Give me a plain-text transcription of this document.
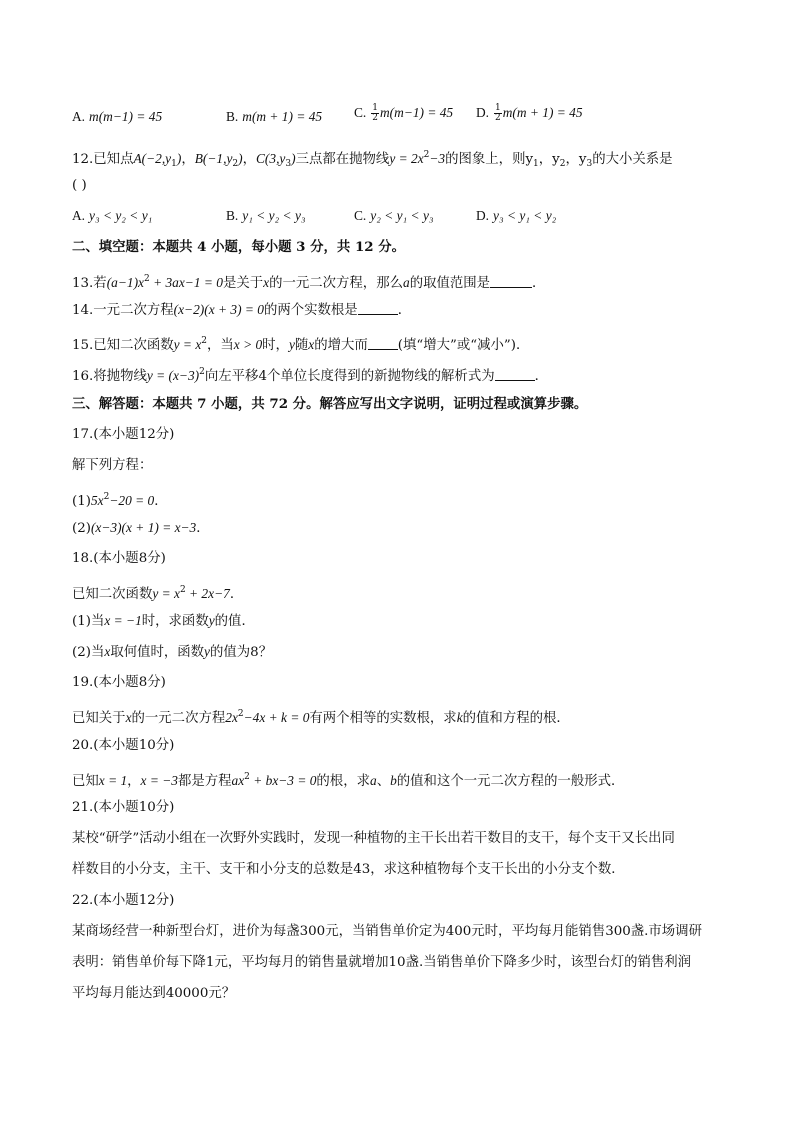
A. m(m−1) = 45	B. m(m + 1) = 45 C. $\frac{1}{2} m(m-1) = 45$ D. $\frac{1}{2} m(m + 1) = 45$
12.已知点$A(-2,y_1)$，$B(-1,y_2)$，$C(3,y_3)$三点都在抛物线$y = 2x^2-3$的图象上，则$y_1$，$y_2$，$y_3$的大小关系是
( )
A. y₃ < y₂ < y₁	B. y₁ < y₂ < y₃	C. y₂ < y₁ < y₃	D. y₃ < y₁ < y₂
二、填空题：本题共 4 小题，每小题 3 分，共 12 分。
13.若$(a-1)x^2 + 3ax-1 = 0$是关于x的一元二次方程，那么a的取值范围是	．
14.一元二次方程(x−2)(x + 3) = 0的两个实数根是	．
15.已知二次函数$y = x^2$，当x > 0时，y随x的增大而 (填“增大”或“减小”)．
16.将抛物线$y = (x-3)^2$向左平移4个单位长度得到的新抛物线的解析式为	．
三、解答题：本题共 7 小题，共 72 分。解答应写出文字说明，证明过程或演算步骤。
17.(本小题12分)
解下列方程：
$(1)5x^2-20 = 0$．
(2)(x−3)(x + 1) = x−3．
18.(本小题8分)
已知二次函数$y = x^2 + 2x-7$．
(1)当x = −1时，求函数y的值．
(2)当x取何值时，函数y的值为8？
19.(本小题8分)
已知关于x的一元二次方程$2x^2-4x + k = 0$有两个相等的实数根，求k的值和方程的根．
20.(本小题10分)
已知x = 1，x = −3都是方程$ax^2 + bx-3 = 0$的根，求a、b的值和这个一元二次方程的一般形式．
21.(本小题10分)
某校“研学”活动小组在一次野外实践时，发现一种植物的主干长出若干数目的支干，每个支干又长出同
样数目的小分支，主干、支干和小分支的总数是43，求这种植物每个支干长出的小分支个数．
22.(本小题12分)
某商场经营一种新型台灯，进价为每盏300元，当销售单价定为400元时，平均每月能销售300盏.市场调研
表明：销售单价每下降1元，平均每月的销售量就增加10盏.当销售单价下降多少时，该型台灯的销售利润
平均每月能达到40000元？
